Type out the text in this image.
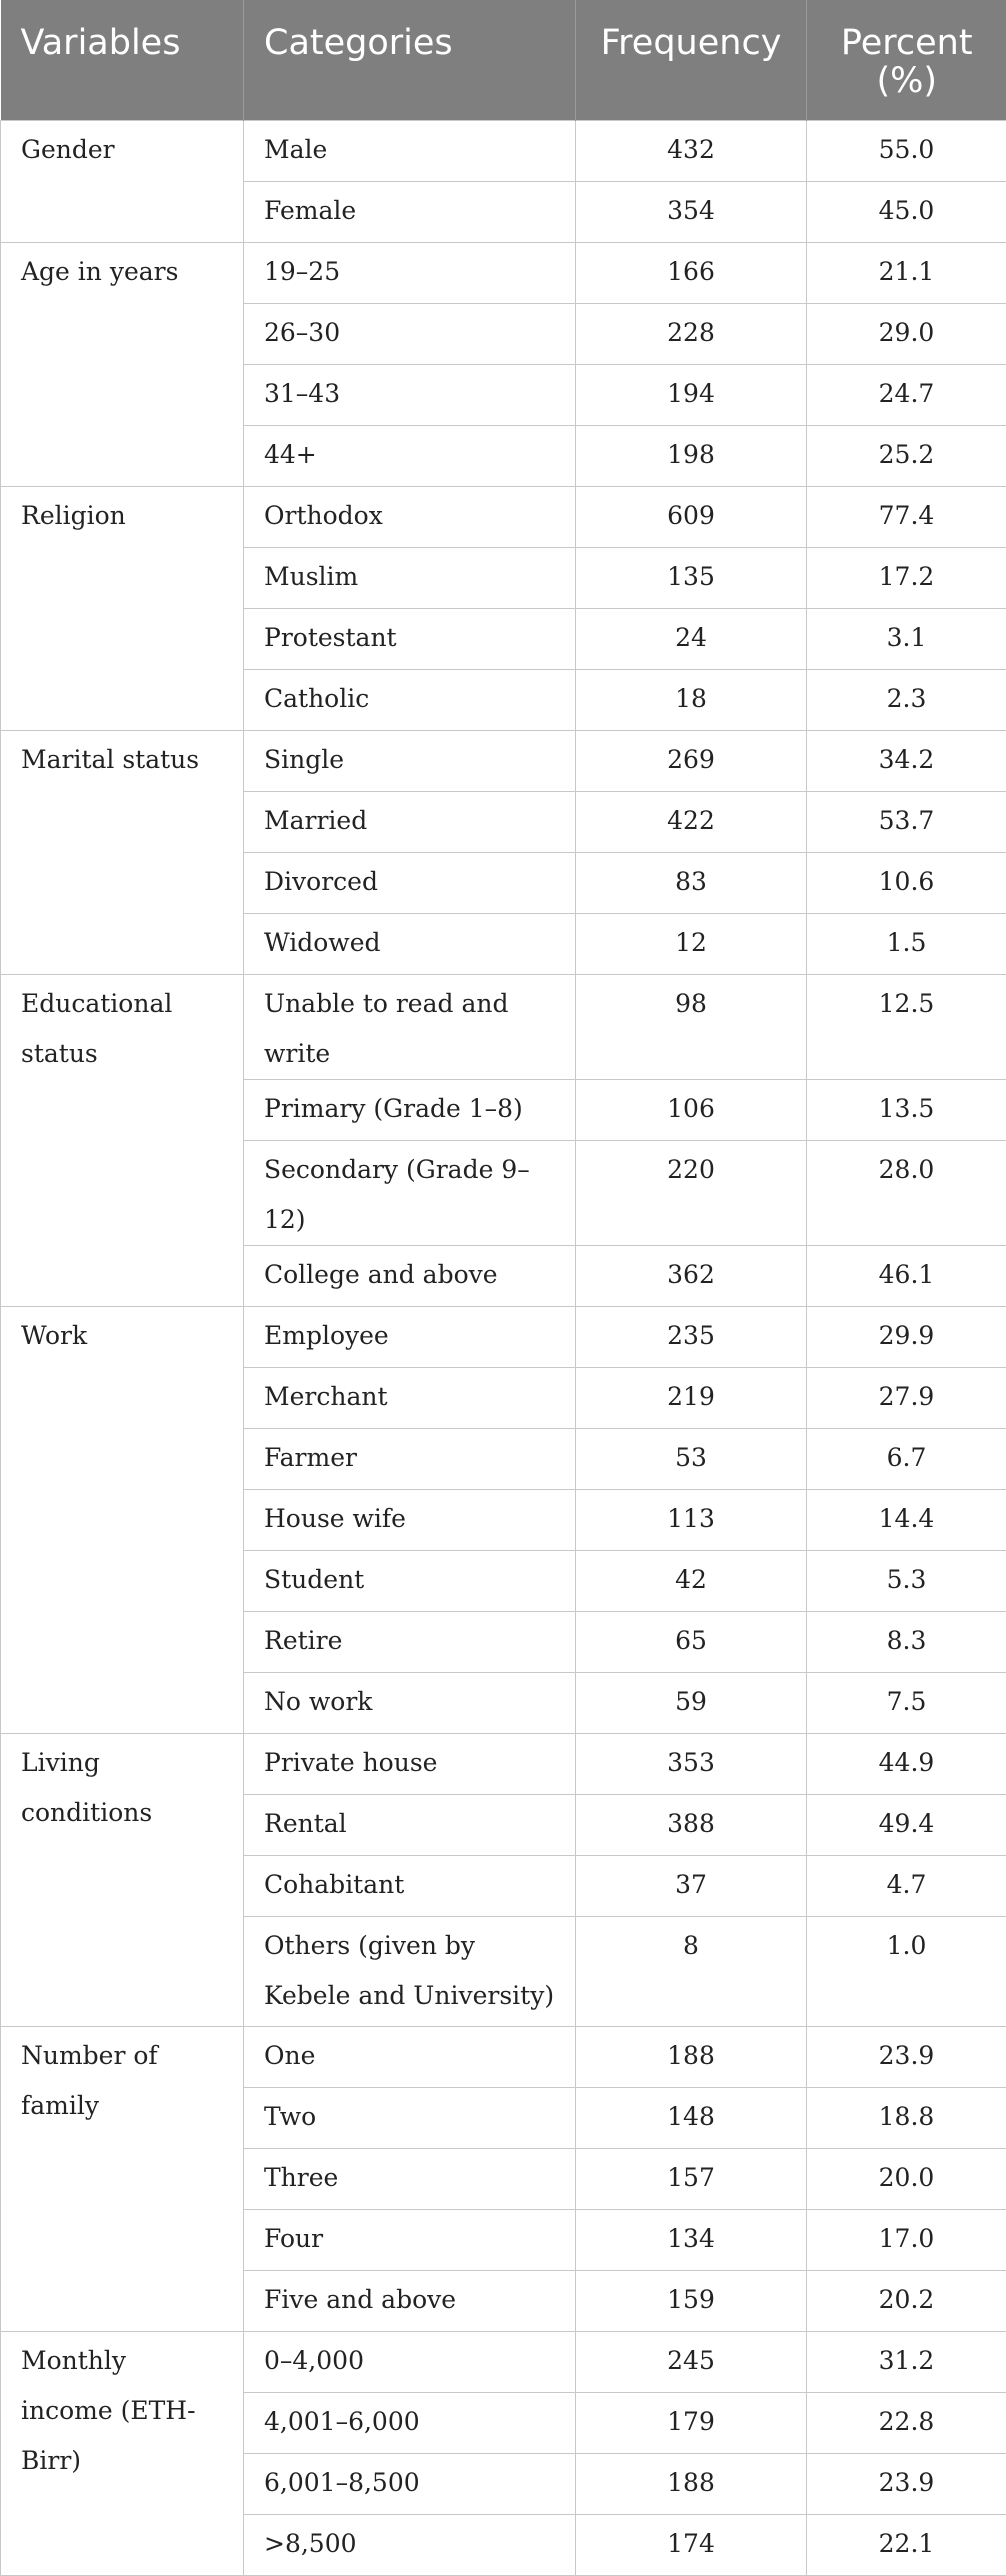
Variables	Categories	Frequency	Percent (%)
Gender	Male	432	55.0
	Female	354	45.0
Age in years	19–25	166	21.1
	26–30	228	29.0
	31–43	194	24.7
	44+	198	25.2
Religion	Orthodox	609	77.4
	Muslim	135	17.2
	Protestant	24	3.1
	Catholic	18	2.3
Marital status	Single	269	34.2
	Married	422	53.7
	Divorced	83	10.6
	Widowed	12	1.5
Educational status	Unable to read and write	98	12.5
	Primary (Grade 1–8)	106	13.5
	Secondary (Grade 9–12)	220	28.0
	College and above	362	46.1
Work	Employee	235	29.9
	Merchant	219	27.9
	Farmer	53	6.7
	House wife	113	14.4
	Student	42	5.3
	Retire	65	8.3
	No work	59	7.5
Living conditions	Private house	353	44.9
	Rental	388	49.4
	Cohabitant	37	4.7
	Others (given by Kebele and University)	8	1.0
Number of family	One	188	23.9
	Two	148	18.8
	Three	157	20.0
	Four	134	17.0
	Five and above	159	20.2
Monthly income (ETH-Birr)	0–4,000	245	31.2
	4,001–6,000	179	22.8
	6,001–8,500	188	23.9
	>8,500	174	22.1
